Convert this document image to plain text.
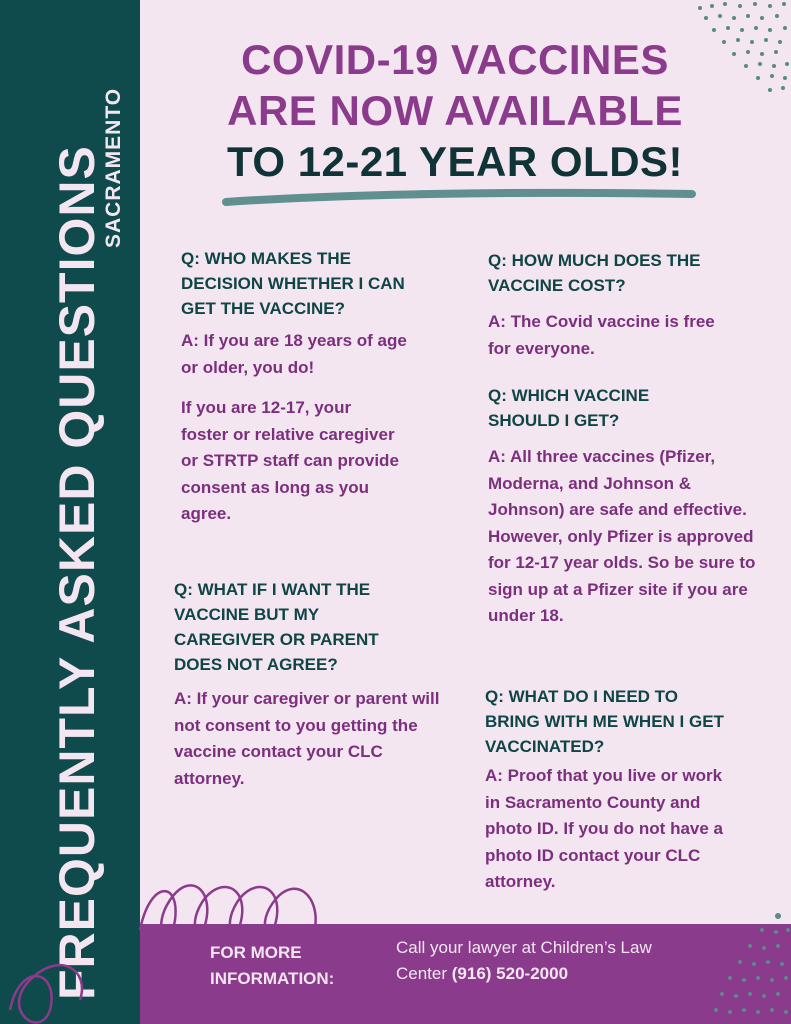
FREQUENTLY ASKED QUESTIONS
SACRAMENTO
COVID-19 VACCINES
ARE NOW AVAILABLE
TO 12-21 YEAR OLDS!

Q: WHO MAKES THE DECISION WHETHER I CAN GET THE VACCINE?

A: If you are 18 years of age or older, you do!

If you are 12-17, your foster or relative caregiver or STRTP staff can provide consent as long as you agree.

Q: WHAT IF I WANT THE VACCINE BUT MY CAREGIVER OR PARENT DOES NOT AGREE?

A: If your caregiver or parent will not consent to you getting the vaccine contact your CLC attorney.

Q: HOW MUCH DOES THE VACCINE COST?

A: The Covid vaccine is free for everyone.

Q: WHICH VACCINE SHOULD I GET?

A: All three vaccines (Pfizer, Moderna, and Johnson & Johnson) are safe and effective. However, only Pfizer is approved for 12-17 year olds. So be sure to sign up at a Pfizer site if you are under 18.

Q: WHAT DO I NEED TO BRING WITH ME WHEN I GET VACCINATED?

A: Proof that you live or work in Sacramento County and photo ID. If you do not have a photo ID contact your CLC attorney.

FOR MORE INFORMATION:
Call your lawyer at Children’s Law Center (916) 520-2000
